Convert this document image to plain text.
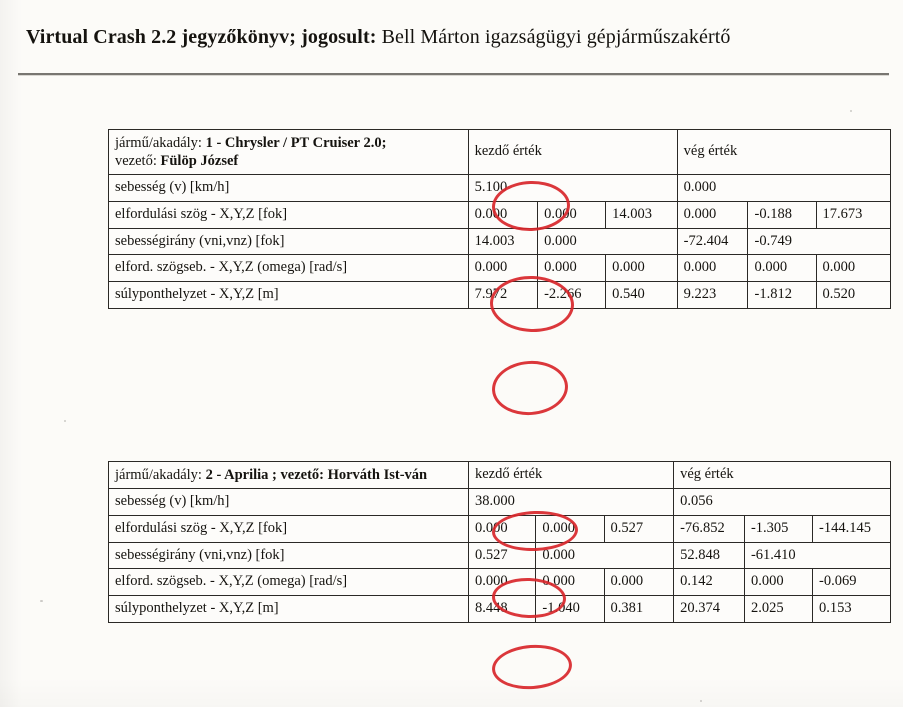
Virtual Crash 2.2 jegyzőkönyv; jogosult: Bell Márton igazságügyi gépjárműszakértő
jármű/akadály: 1 - Chrysler / PT Cruiser 2.0;
vezető: Fülöp József	kezdő érték			vég érték		
sebesség (v) [km/h]	5.100			0.000		
elfordulási szög - X,Y,Z [fok]	0.000	0.000	14.003	0.000	-0.188	17.673
sebességirány (vni,vnz) [fok]	14.003	0.000		-72.404	-0.749	
elford. szögseb. - X,Y,Z (omega) [rad/s]	0.000	0.000	0.000	0.000	0.000	0.000
súlyponthelyzet - X,Y,Z [m]	7.972	-2.266	0.540	9.223	-1.812	0.520
jármű/akadály: 2 - Aprilia ; vezető: Horváth Ist-ván	kezdő érték			vég érték		
sebesség (v) [km/h]	38.000			0.056		
elfordulási szög - X,Y,Z [fok]	0.000	0.000	0.527	-76.852	-1.305	-144.145
sebességirány (vni,vnz) [fok]	0.527	0.000		52.848	-61.410	
elford. szögseb. - X,Y,Z (omega) [rad/s]	0.000	0.000	0.000	0.142	0.000	-0.069
súlyponthelyzet - X,Y,Z [m]	8.448	-1.040	0.381	20.374	2.025	0.153
